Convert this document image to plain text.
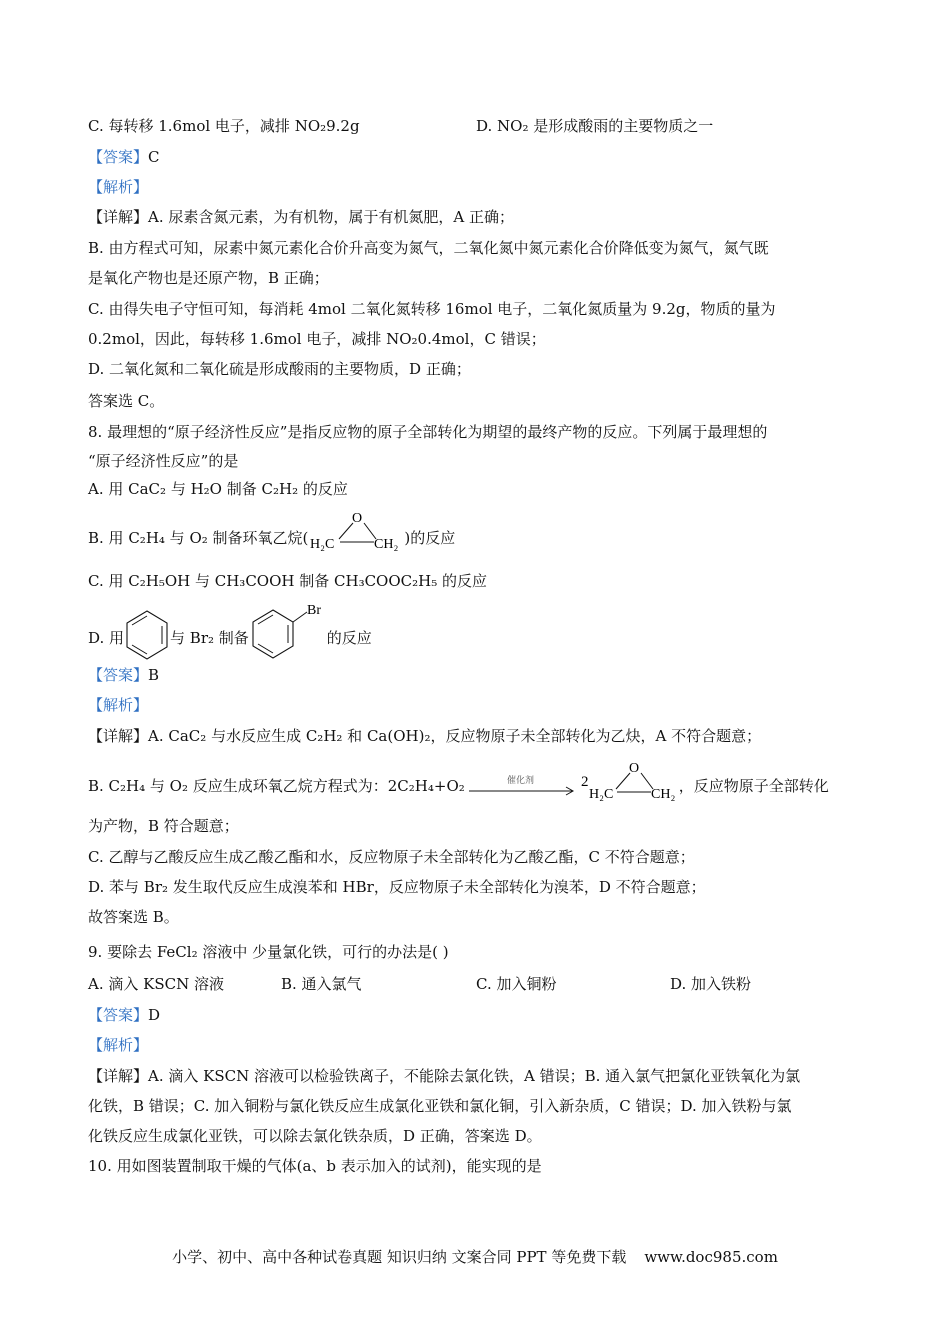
C. 每转移 1.6mol 电子，减排 NO₂9.2g	D. NO₂ 是形成酸雨的主要物质之一
【答案】C
【解析】
【详解】A. 尿素含氮元素，为有机物，属于有机氮肥，A 正确；
B. 由方程式可知，尿素中氮元素化合价升高变为氮气，二氧化氮中氮元素化合价降低变为氮气，氮气既
是氧化产物也是还原产物，B 正确；
C. 由得失电子守恒可知，每消耗 4mol 二氧化氮转移 16mol 电子，二氧化氮质量为 9.2g，物质的量为
0.2mol，因此，每转移 1.6mol 电子，减排 NO₂0.4mol，C 错误；
D. 二氧化氮和二氧化硫是形成酸雨的主要物质，D 正确；
答案选 C。
8. 最理想的“原子经济性反应”是指反应物的原子全部转化为期望的最终产物的反应。下列属于最理想的
“原子经济性反应”的是
A. 用 CaC₂ 与 H₂O 制备 C₂H₂ 的反应
B. 用 C₂H₄ 与 O₂ 制备环氧乙烷(
O
H₂C	CH₂ )的反应
C. 用 C₂H₅OH 与 CH₃COOH 制备 CH₃COOC₂H₅ 的反应
D. 用	与 Br₂ 制备
Br
的反应
【答案】B
【解析】
【详解】A. CaC₂ 与水反应生成 C₂H₂ 和 Ca(OH)₂，反应物原子未全部转化为乙炔，A 不符合题意；
B. C₂H₄ 与 O₂ 反应生成环氧乙烷方程式为：2C₂H₄+O₂	催化剂	2
O
H₂C	CH₂ ，反应物原子全部转化
为产物，B 符合题意；
C. 乙醇与乙酸反应生成乙酸乙酯和水，反应物原子未全部转化为乙酸乙酯，C 不符合题意；
D. 苯与 Br₂ 发生取代反应生成溴苯和 HBr，反应物原子未全部转化为溴苯，D 不符合题意；
故答案选 B。
9. 要除去 FeCl₂ 溶液中 少量氯化铁，可行的办法是( )
A. 滴入 KSCN 溶液	B. 通入氯气	C. 加入铜粉	D. 加入铁粉
【答案】D
【解析】
【详解】A. 滴入 KSCN 溶液可以检验铁离子，不能除去氯化铁，A 错误；B. 通入氯气把氯化亚铁氧化为氯
化铁，B 错误；C. 加入铜粉与氯化铁反应生成氯化亚铁和氯化铜，引入新杂质，C 错误；D. 加入铁粉与氯
化铁反应生成氯化亚铁，可以除去氯化铁杂质，D 正确，答案选 D。
10. 用如图装置制取干燥的气体(a、b 表示加入的试剂)，能实现的是
小学、初中、高中各种试卷真题 知识归纳 文案合同 PPT 等免费下载 www.doc985.com
